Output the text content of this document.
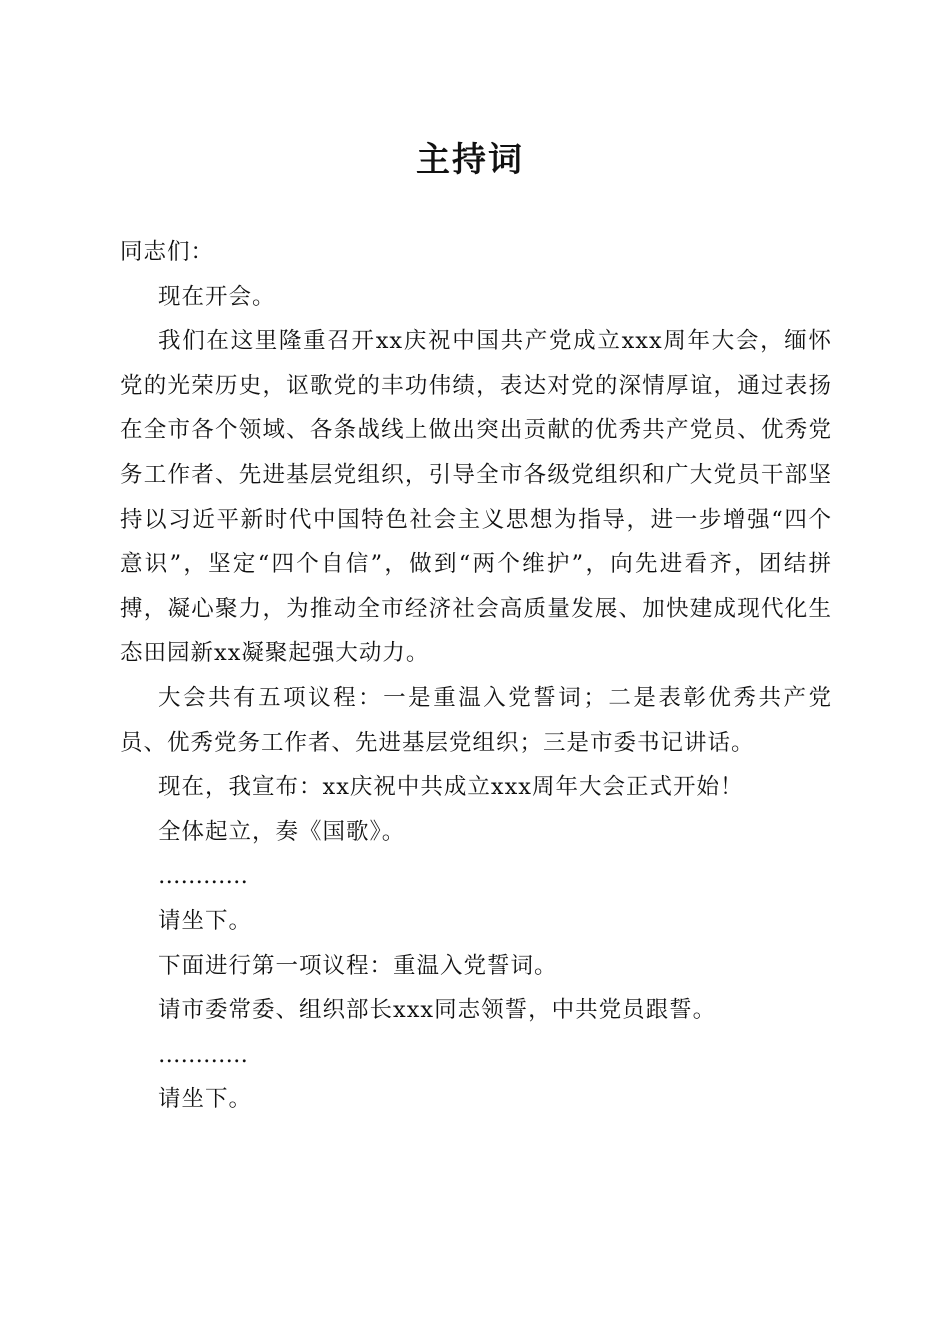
主持词

同志们：

现在开会。

我们在这里隆重召开xx庆祝中国共产党成立xxx周年大会，缅怀党的光荣历史，讴歌党的丰功伟绩，表达对党的深情厚谊，通过表扬在全市各个领域、各条战线上做出突出贡献的优秀共产党员、优秀党务工作者、先进基层党组织，引导全市各级党组织和广大党员干部坚持以习近平新时代中国特色社会主义思想为指导，进一步增强“四个意识”，坚定“四个自信”，做到“两个维护”，向先进看齐，团结拼搏，凝心聚力，为推动全市经济社会高质量发展、加快建成现代化生态田园新xx凝聚起强大动力。

大会共有五项议程：一是重温入党誓词；二是表彰优秀共产党员、优秀党务工作者、先进基层党组织；三是市委书记讲话。

现在，我宣布：xx庆祝中共成立xxx周年大会正式开始！

全体起立，奏《国歌》。

…………

请坐下。

下面进行第一项议程：重温入党誓词。

请市委常委、组织部长xxx同志领誓，中共党员跟誓。

…………

请坐下。
